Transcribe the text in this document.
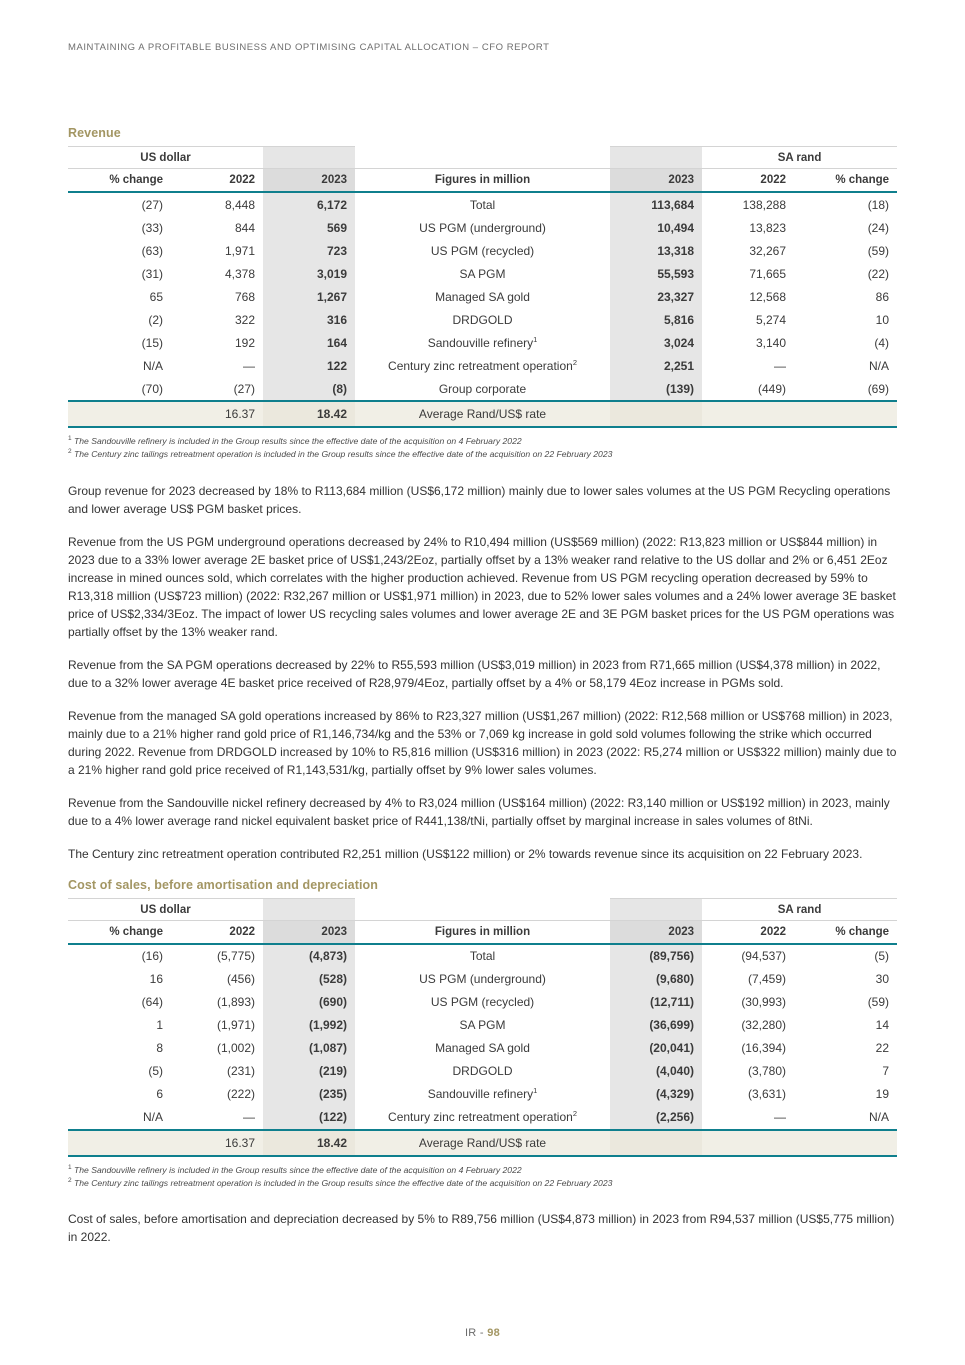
MAINTAINING A PROFITABLE BUSINESS AND OPTIMISING CAPITAL ALLOCATION – CFO REPORT
Revenue
US dollar					SA rand	
% change	2022	2023	Figures in million	2023	2022	% change
(27)	8,448	6,172	Total	113,684	138,288	(18)
(33)	844	569	US PGM (underground)	10,494	13,823	(24)
(63)	1,971	723	US PGM (recycled)	13,318	32,267	(59)
(31)	4,378	3,019	SA PGM	55,593	71,665	(22)
65	768	1,267	Managed SA gold	23,327	12,568	86
(2)	322	316	DRDGOLD	5,816	5,274	10
(15)	192	164	Sandouville refinery$^1$	3,024	3,140	(4)
N/A	—	122	Century zinc retreatment operation$^2$	2,251	—	N/A
(70)	(27)	(8)	Group corporate	(139)	(449)	(69)
	16.37	18.42	Average Rand/US$ rate			
$^1$ The Sandouville refinery is included in the Group results since the effective date of the acquisition on 4 February 2022
$^2$ The Century zinc tailings retreatment operation is included in the Group results since the effective date of the acquisition on 22 February 2023

Group revenue for 2023 decreased by 18% to R113,684 million (US$6,172 million) mainly due to lower sales volumes at the US PGM Recycling operations and lower average US$ PGM basket prices.

Revenue from the US PGM underground operations decreased by 24% to R10,494 million (US$569 million) (2022: R13,823 million or US$844 million) in 2023 due to a 33% lower average 2E basket price of US$1,243/2Eoz, partially offset by a 13% weaker rand relative to the US dollar and 2% or 6,451 2Eoz increase in mined ounces sold, which correlates with the higher production achieved. Revenue from US PGM recycling operation decreased by 59% to R13,318 million (US$723 million) (2022: R32,267 million or US$1,971 million) in 2023, due to 52% lower sales volumes and a 24% lower average 3E basket price of US$2,334/3Eoz. The impact of lower US recycling sales volumes and lower average 2E and 3E PGM basket prices for the US PGM operations was partially offset by the 13% weaker rand.

Revenue from the SA PGM operations decreased by 22% to R55,593 million (US$3,019 million) in 2023 from R71,665 million (US$4,378 million) in 2022, due to a 32% lower average 4E basket price received of R28,979/4Eoz, partially offset by a 4% or 58,179 4Eoz increase in PGMs sold.

Revenue from the managed SA gold operations increased by 86% to R23,327 million (US$1,267 million) (2022: R12,568 million or US$768 million) in 2023, mainly due to a 21% higher rand gold price of R1,146,734/kg and the 53% or 7,069 kg increase in gold sold volumes following the strike which occurred during 2022. Revenue from DRDGOLD increased by 10% to R5,816 million (US$316 million) in 2023 (2022: R5,274 million or US$322 million) mainly due to a 21% higher rand gold price received of R1,143,531/kg, partially offset by 9% lower sales volumes.

Revenue from the Sandouville nickel refinery decreased by 4% to R3,024 million (US$164 million) (2022: R3,140 million or US$192 million) in 2023, mainly due to a 4% lower average rand nickel equivalent basket price of R441,138/tNi, partially offset by marginal increase in sales volumes of 8tNi.

The Century zinc retreatment operation contributed R2,251 million (US$122 million) or 2% towards revenue since its acquisition on 22 February 2023.

Cost of sales, before amortisation and depreciation
US dollar					SA rand	
% change	2022	2023	Figures in million	2023	2022	% change
(16)	(5,775)	(4,873)	Total	(89,756)	(94,537)	(5)
16	(456)	(528)	US PGM (underground)	(9,680)	(7,459)	30
(64)	(1,893)	(690)	US PGM (recycled)	(12,711)	(30,993)	(59)
1	(1,971)	(1,992)	SA PGM	(36,699)	(32,280)	14
8	(1,002)	(1,087)	Managed SA gold	(20,041)	(16,394)	22
(5)	(231)	(219)	DRDGOLD	(4,040)	(3,780)	7
6	(222)	(235)	Sandouville refinery$^1$	(4,329)	(3,631)	19
N/A	—	(122)	Century zinc retreatment operation$^2$	(2,256)	—	N/A
	16.37	18.42	Average Rand/US$ rate			
$^1$ The Sandouville refinery is included in the Group results since the effective date of the acquisition on 4 February 2022
$^2$ The Century zinc tailings retreatment operation is included in the Group results since the effective date of the acquisition on 22 February 2023

Cost of sales, before amortisation and depreciation decreased by 5% to R89,756 million (US$4,873 million) in 2023 from R94,537 million (US$5,775 million) in 2022.

IR - 98
